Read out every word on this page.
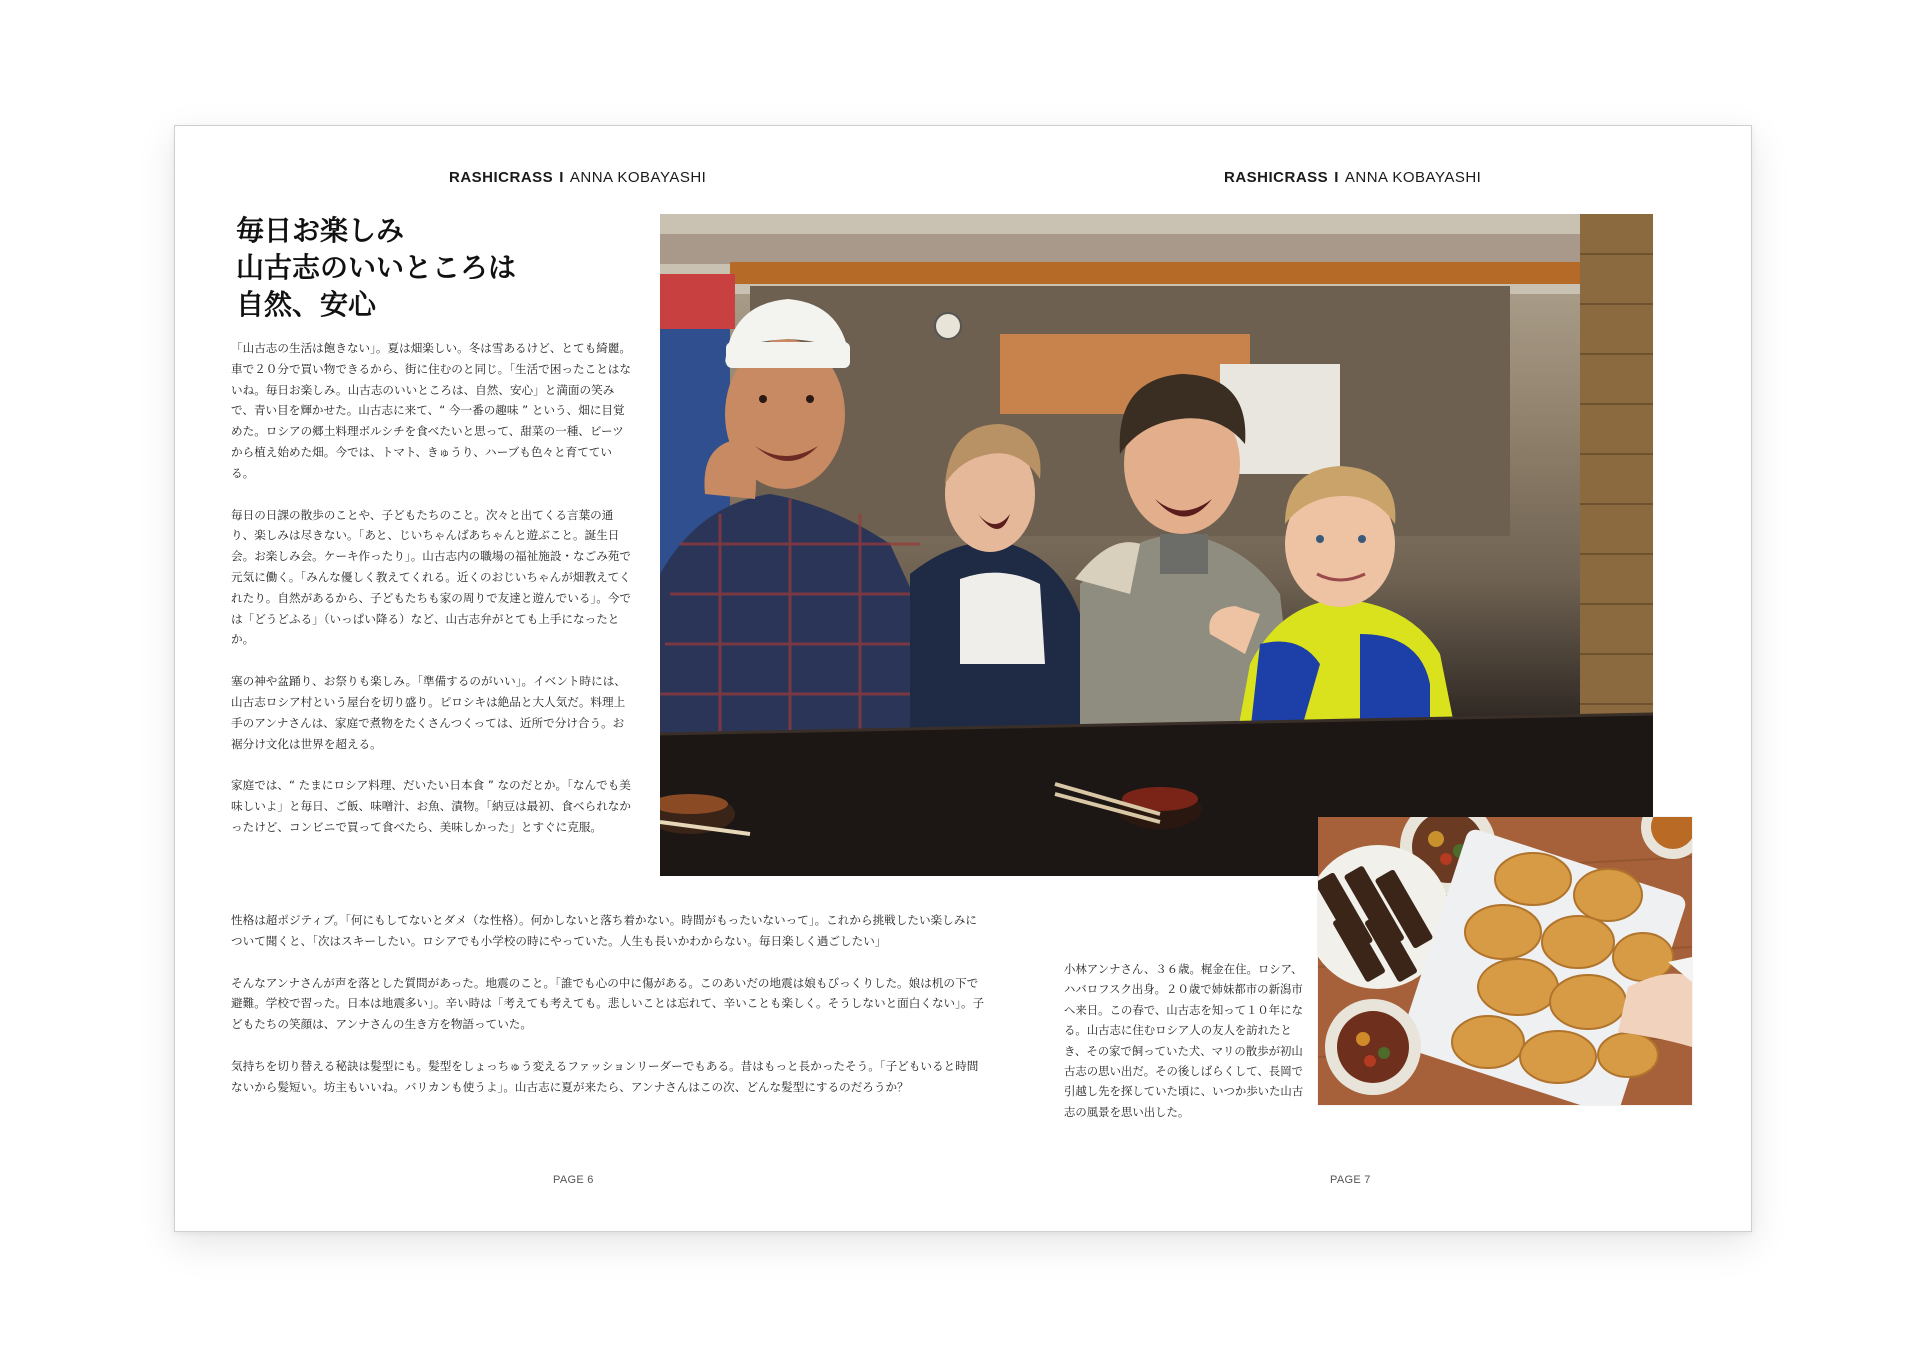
RASHICRASS I ANNA KOBAYASHI	RASHICRASS I ANNA KOBAYASHI
毎日お楽しみ
山古志のいいところは
自然、安心

「山古志の生活は飽きない」。夏は畑楽しい。冬は雪あるけど、とても綺麗。車で２０分で買い物できるから、街に住むのと同じ。「生活で困ったことはないね。毎日お楽しみ。山古志のいいところは、自然、安心」と満面の笑みで、青い目を輝かせた。山古志に来て、“ 今一番の趣味 ” という、畑に目覚めた。ロシアの郷土料理ボルシチを食べたいと思って、甜菜の一種、ビーツから植え始めた畑。今では、トマト、きゅうり、ハーブも色々と育てている。

毎日の日課の散歩のことや、子どもたちのこと。次々と出てくる言葉の通り、楽しみは尽きない。「あと、じいちゃんばあちゃんと遊ぶこと。誕生日会。お楽しみ会。ケーキ作ったり」。山古志内の職場の福祉施設・なごみ苑で元気に働く。「みんな優しく教えてくれる。近くのおじいちゃんが畑教えてくれたり。自然があるから、子どもたちも家の周りで友達と遊んでいる」。今では「どうどふる」（いっぱい降る）など、山古志弁がとても上手になったとか。

塞の神や盆踊り、お祭りも楽しみ。「準備するのがいい」。イベント時には、山古志ロシア村という屋台を切り盛り。ピロシキは絶品と大人気だ。料理上手のアンナさんは、家庭で煮物をたくさんつくっては、近所で分け合う。お裾分け文化は世界を超える。

家庭では、“ たまにロシア料理、だいたい日本食 ” なのだとか。「なんでも美味しいよ」と毎日、ご飯、味噌汁、お魚、漬物。「納豆は最初、食べられなかったけど、コンビニで買って食べたら、美味しかった」とすぐに克服。

性格は超ポジティブ。「何にもしてないとダメ（な性格）。何かしないと落ち着かない。時間がもったいないって」。これから挑戦したい楽しみについて聞くと、「次はスキーしたい。ロシアでも小学校の時にやっていた。人生も長いかわからない。毎日楽しく過ごしたい」

そんなアンナさんが声を落とした質問があった。地震のこと。「誰でも心の中に傷がある。このあいだの地震は娘もびっくりした。娘は机の下で避難。学校で習った。日本は地震多い」。辛い時は「考えても考えても。悲しいことは忘れて、辛いことも楽しく。そうしないと面白くない」。子どもたちの笑顔は、アンナさんの生き方を物語っていた。

気持ちを切り替える秘訣は髪型にも。髪型をしょっちゅう変えるファッションリーダーでもある。昔はもっと長かったそう。「子どもいると時間ないから髪短い。坊主もいいね。バリカンも使うよ」。山古志に夏が来たら、アンナさんはこの次、どんな髪型にするのだろうか？

小林アンナさん、３６歳。梶金在住。ロシア、ハバロフスク出身。２０歳で姉妹都市の新潟市へ来日。この春で、山古志を知って１０年になる。山古志に住むロシア人の友人を訪れたとき、その家で飼っていた犬、マリの散歩が初山古志の思い出だ。その後しばらくして、長岡で引越し先を探していた頃に、いつか歩いた山古志の風景を思い出した。
PAGE 6	PAGE 7
